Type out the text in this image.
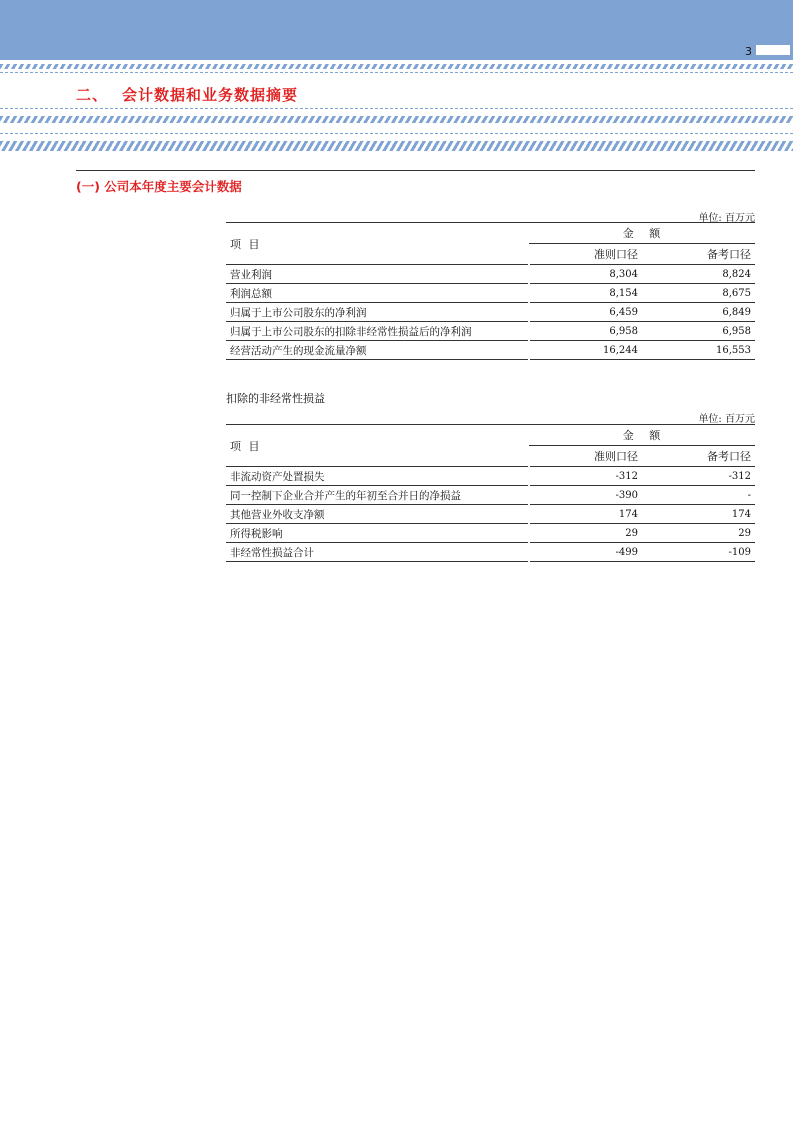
3
二、 会计数据和业务数据摘要
(一) 公司本年度主要会计数据
单位: 百万元
项 目	金 额	
	准则口径	备考口径
营业利润	8,304	8,824
利润总额	8,154	8,675
归属于上市公司股东的净利润	6,459	6,849
归属于上市公司股东的扣除非经常性损益后的净利润	6,958	6,958
经营活动产生的现金流量净额	16,244	16,553
扣除的非经常性损益
单位: 百万元
项 目	金 额	
	准则口径	备考口径
非流动资产处置损失	-312	-312
同一控制下企业合并产生的年初至合并日的净损益	-390	-
其他营业外收支净额	174	174
所得税影响	29	29
非经常性损益合计	-499	-109
